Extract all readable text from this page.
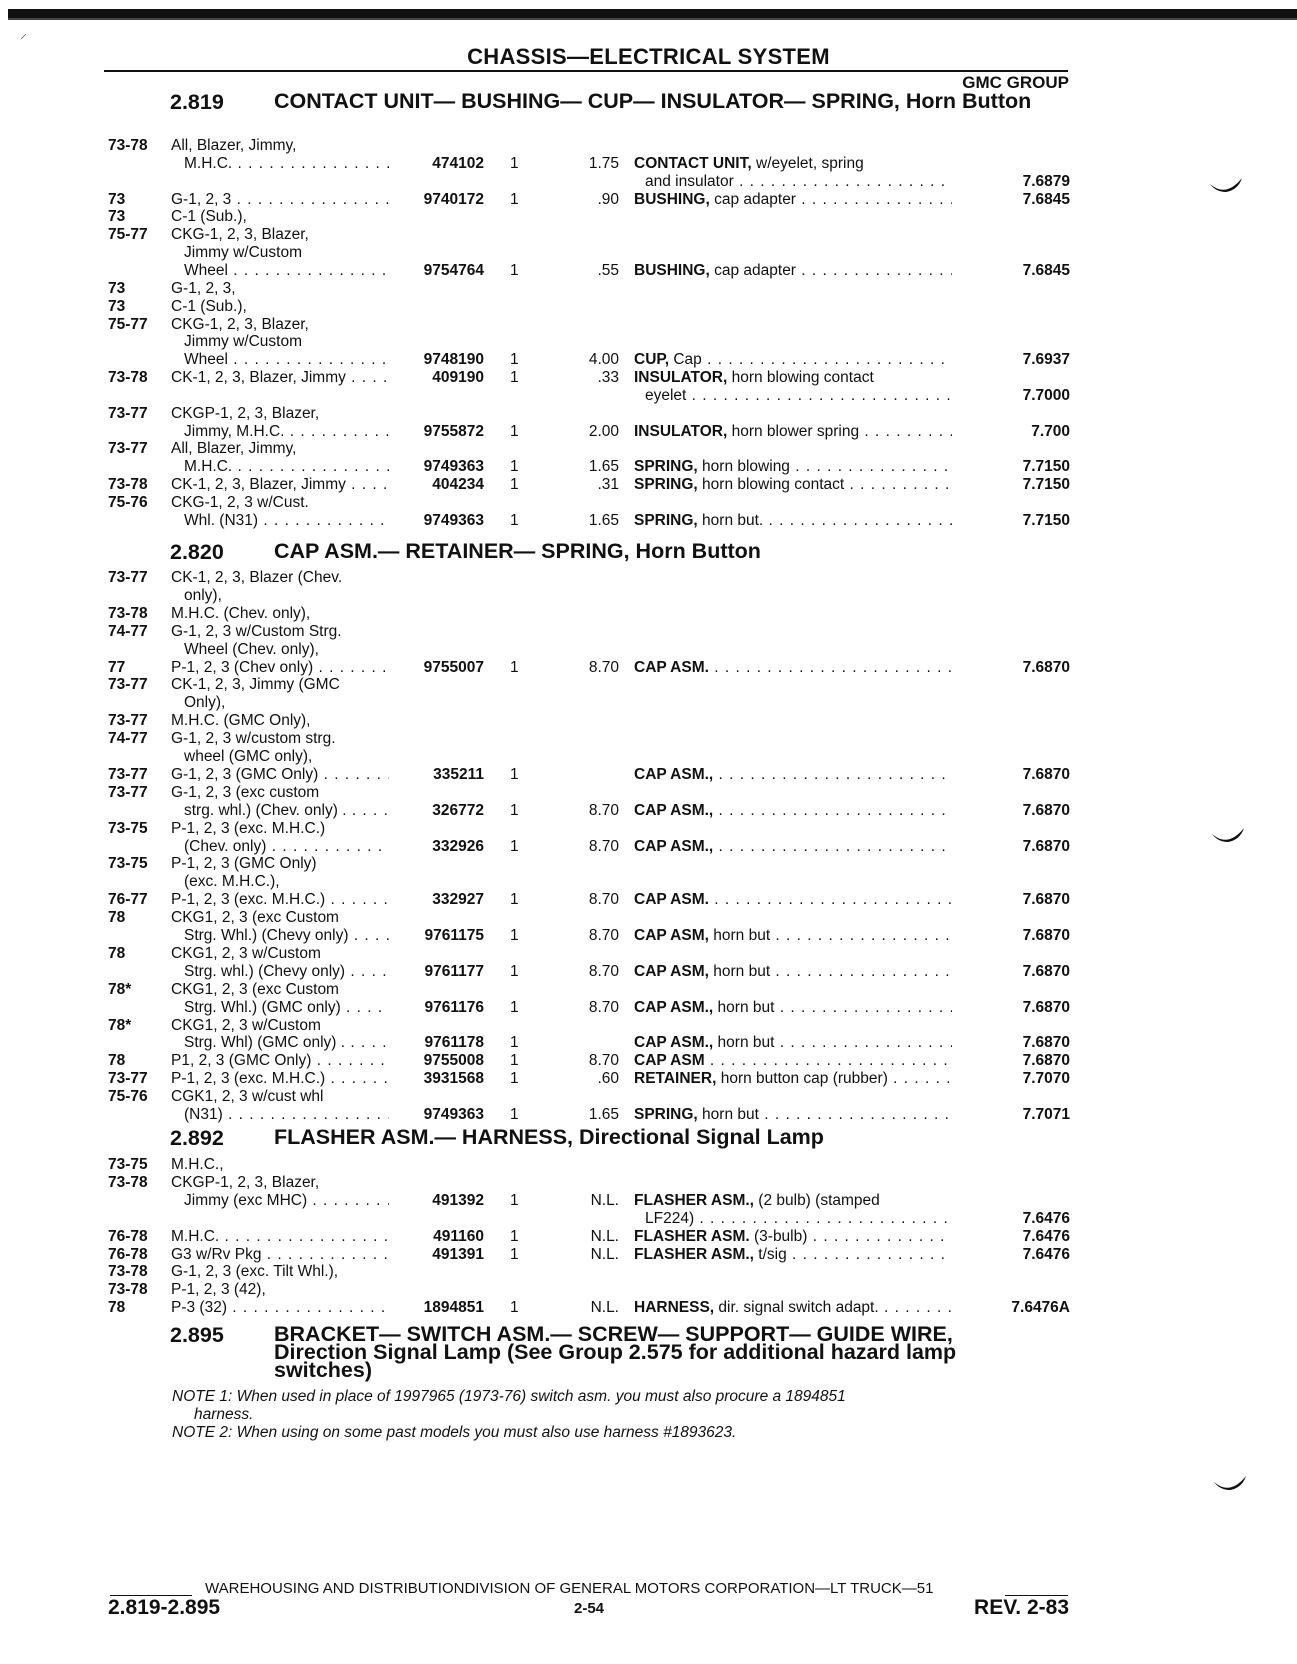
⸝
CHASSIS—ELECTRICAL SYSTEM
GMC GROUP
2.819 CONTACT UNIT— BUSHING— CUP— INSULATOR— SPRING, Horn Button
73-78 All, Blazer, Jimmy,
M.H.C. . . .	474102 1	1.75 CONTACT UNIT, w/eyelet, spring
and insulator . . .	7.6879
73	G-1, 2, 3 . . .	9740172 1	.90 BUSHING, cap adapter . . .	7.6845
73	C-1 (Sub.),
75-77 CKG-1, 2, 3, Blazer,
Jimmy w/Custom
Wheel . . .	9754764 1	.55 BUSHING, cap adapter . . .	7.6845
73	G-1, 2, 3,
73	C-1 (Sub.),
75-77 CKG-1, 2, 3, Blazer,
Jimmy w/Custom
Wheel . . .	9748190 1	4.00 CUP, Cap . . .	7.6937
73-78 CK-1, 2, 3, Blazer, Jimmy . . .	409190 1	.33 INSULATOR, horn blowing contact
eyelet . . .	7.7000
73-77 CKGP-1, 2, 3, Blazer,
Jimmy, M.H.C. . . .	9755872 1	2.00 INSULATOR, horn blower spring . . .	7.700
73-77 All, Blazer, Jimmy,
M.H.C. . . .	9749363 1	1.65 SPRING, horn blowing . . .	7.7150
73-78 CK-1, 2, 3, Blazer, Jimmy . . .	404234 1	.31 SPRING, horn blowing contact . . .	7.7150
75-76 CKG-1, 2, 3 w/Cust.
Whl. (N31) . . .	9749363 1	1.65 SPRING, horn but. . . .	7.7150
2.820 CAP ASM.— RETAINER— SPRING, Horn Button
73-77 CK-1, 2, 3, Blazer (Chev.
only),
73-78 M.H.C. (Chev. only),
74-77 G-1, 2, 3 w/Custom Strg.
Wheel (Chev. only),
77	P-1, 2, 3 (Chev only) . . .	9755007 1	8.70 CAP ASM. . . .	7.6870
73-77 CK-1, 2, 3, Jimmy (GMC
Only),
73-77 M.H.C. (GMC Only),
74-77 G-1, 2, 3 w/custom strg.
wheel (GMC only),
73-77 G-1, 2, 3 (GMC Only) . . .	335211 1	CAP ASM., . . .	7.6870
73-77 G-1, 2, 3 (exc custom
strg. whl.) (Chev. only) . . . .	326772 1	8.70 CAP ASM., . . .	7.6870
73-75 P-1, 2, 3 (exc. M.H.C.)
(Chev. only) . . .	332926 1	8.70 CAP ASM., . . .	7.6870
73-75 P-1, 2, 3 (GMC Only)
(exc. M.H.C.),
76-77 P-1, 2, 3 (exc. M.H.C.) . . .	332927 1	8.70 CAP ASM. . . .	7.6870
78	CKG1, 2, 3 (exc Custom
Strg. Whl.) (Chevy only) . . .	9761175 1	8.70 CAP ASM, horn but . . .	7.6870
78	CKG1, 2, 3 w/Custom
Strg. whl.) (Chevy only) . . .	9761177 1	8.70 CAP ASM, horn but . . .	7.6870
78*	CKG1, 2, 3 (exc Custom
Strg. Whl.) (GMC only) . . .	9761176 1	8.70 CAP ASM., horn but . . .	7.6870
78*	CKG1, 2, 3 w/Custom
Strg. Whl) (GMC only) . . . .	9761178 1	CAP ASM., horn but . . .	7.6870
78	P1, 2, 3 (GMC Only) . . .	9755008 1	8.70 CAP ASM . . .	7.6870
73-77 P-1, 2, 3 (exc. M.H.C.) . . .	3931568 1	.60 RETAINER, horn button cap (rubber) . . .	7.7070
75-76 CGK1, 2, 3 w/cust whl
(N31) . . .	9749363 1	1.65 SPRING, horn but . . .	7.7071
2.892 FLASHER ASM.— HARNESS, Directional Signal Lamp
73-75 M.H.C.,
73-78 CKGP-1, 2, 3, Blazer,
Jimmy (exc MHC) . . .	491392 1	N.L. FLASHER ASM., (2 bulb) (stamped
LF224) . . .	7.6476
76-78 M.H.C. . . .	491160 1	N.L. FLASHER ASM. (3-bulb) . . .	7.6476
76-78 G3 w/Rv Pkg . . .	491391 1	N.L. FLASHER ASM., t/sig . . .	7.6476
73-78 G-1, 2, 3 (exc. Tilt Whl.),
73-78 P-1, 2, 3 (42),
78	P-3 (32) . . .	1894851 1	N.L. HARNESS, dir. signal switch adapt. . . .	7.6476A
2.895 BRACKET— SWITCH ASM.— SCREW— SUPPORT— GUIDE WIRE, Direction Signal Lamp (See Group 2.575 for additional hazard lamp switches)
NOTE 1: When used in place of 1997965 (1973-76) switch asm. you must also procure a 1894851
harness.
NOTE 2: When using on some past models you must also use harness #1893623.
WAREHOUSING AND DISTRIBUTIONDIVISION OF GENERAL MOTORS CORPORATION—LT TRUCK—51
2.819-2.895	2-54	REV. 2-83
